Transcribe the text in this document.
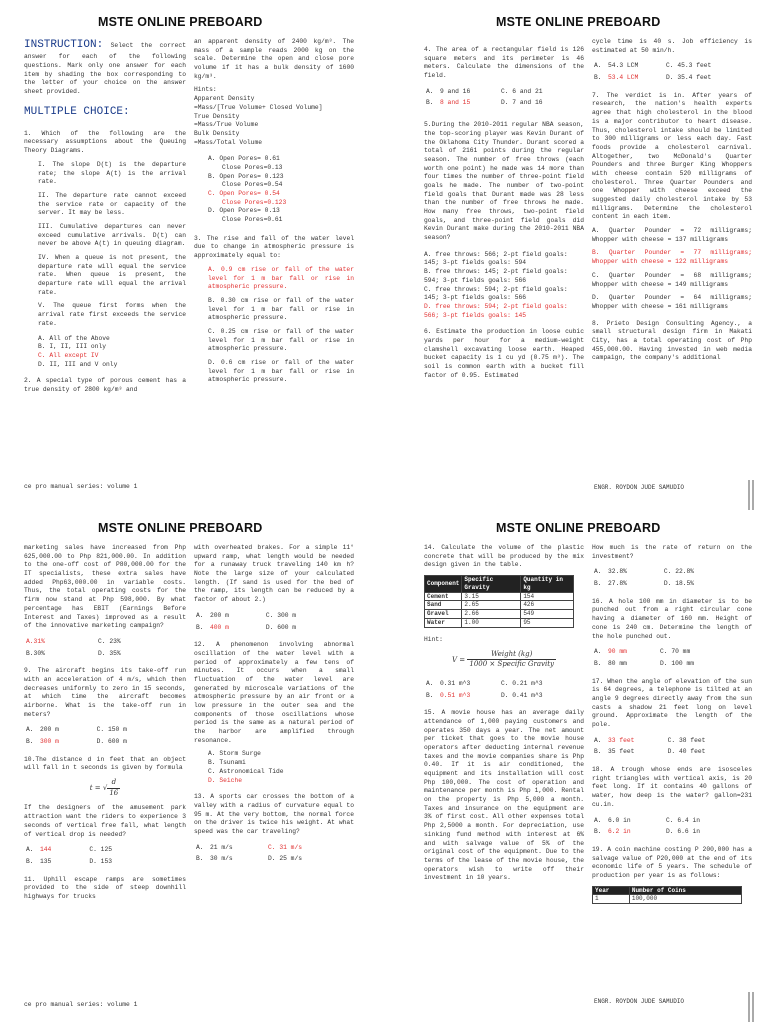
MSTE ONLINE PREBOARD	MSTE ONLINE PREBOARD

INSTRUCTION: Select the correct answer for each of the following questions. Mark only one answer for each item by shading the box corresponding to the letter of your choice on the answer sheet provided.

MULTIPLE CHOICE:

1. Which of the following are the necessary assumptions about the Queuing Theory Diagrams.

I. The slope D(t) is the departure rate; the slope A(t) is the arrival rate.

II. The departure rate cannot exceed the service rate or capacity of the server. It may be less.

III. Cumulative departures can never exceed cumulative arrivals. D(t) can never be above A(t) in queuing diagram.

IV. When a queue is not present, the departure rate will equal the service rate. When queue is present, the departure rate will equal the arrival rate.

V. The queue first forms when the arrival rate first exceeds the service rate.

A. All of the Above
B. I, II, III only
C. All except IV
D. II, III and V only

2. A special type of porous cement has a true density of 2800 kg/m³ and

an apparent density of 2400 kg/m³. The mass of a sample reads 2000 kg on the scale. Determine the open and close pore volume if it has a bulk density of 1600 kg/m³.

Hints:
Apparent Density
=Mass/[True Volume+ Closed Volume]
True Density
=Mass/True Volume
Bulk Density
=Mass/Total Volume
A. Open Pores= 0.61
Close Pores=0.13
B. Open Pores= 0.123
Close Pores=0.54
C. Open Pores= 0.54
Close Pores=0.123
D. Open Pores= 0.13
Close Pores=0.61

3. The rise and fall of the water level due to change in atmospheric pressure is approximately equal to:

A. 0.9 cm rise or fall of the water level for 1 m bar fall or rise in atmospheric pressure.

B. 0.30 cm rise or fall of the water level for 1 m bar fall or rise in atmospheric pressure.

C. 0.25 cm rise or fall of the water level for 1 m bar fall or rise in atmospheric pressure.

D. 0.6 cm rise or fall of the water level for 1 m bar fall or rise in atmospheric pressure.

4. The area of a rectangular field is 126 square meters and its perimeter is 46 meters. Calculate the dimensions of the field.

A.	9 and 16	C. 6 and 21
B.	8 and 15	D. 7 and 16

5.During the 2010-2011 regular NBA season, the top-scoring player was Kevin Durant of the Oklahoma City Thunder. Durant scored a total of 2161 points during the regular season. The number of free throws (each worth one point) he made was 14 more than four times the number of three-point field goals he made. The number of two-point field goals that Durant made was 28 less than the number of free throws he made. How many free throws, two-point field goals, and three-point field goals did Kevin Durant make during the 2010-2011 NBA season?

A. free throws: 566; 2-pt field goals: 145; 3-pt fields goals: 594
B. free throws: 145; 2-pt field goals: 594; 3-pt fields goals: 566
C. free throws: 594; 2-pt field goals: 145; 3-pt fields goals: 566
D. free throws: 594; 2-pt field goals: 566; 3-pt fields goals: 145

6. Estimate the production in loose cubic yards per hour for a medium-weight clamshell excavating loose earth. Heaped bucket capacity is 1 cu yd (0.75 m³). The soil is common earth with a bucket fill factor of 0.95. Estimated

cycle time is 40 s. Job efficiency is estimated at 50 min/h.

A.	54.3 LCM	C. 45.3 feet
B.	53.4 LCM	D. 35.4 feet

7. The verdict is in. After years of research, the nation's health experts agree that high cholesterol in the blood is a major contributor to heart disease. Thus, cholesterol intake should be limited to 300 milligrams or less each day. Fast foods provide a cholesterol carnival. Altogether, two McDonald's Quarter Pounders and three Burger King Whoppers with cheese contain 520 milligrams of cholesterol. Three Quarter Pounders and one Whopper with cheese exceed the suggested daily cholesterol intake by 53 milligrams. Determine the cholesterol content in each item.

A. Quarter Pounder = 72 milligrams; Whopper with cheese = 137 milligrams

B. Quarter Pounder = 77 milligrams; Whopper with cheese = 122 milligrams

C. Quarter Pounder = 68 milligrams; Whopper with cheese = 149 milligrams

D. Quarter Pounder = 64 milligrams; Whopper with cheese = 161 milligrams

8. Prieto Design Consulting Agency., a small structural design firm in Makati City, has a total operating cost of Php 455,000.00. Having invested in web media campaign, the company's additional

ce pro manual series: volume 1	ENGR. ROYDON JUDE SAMUDIO
MSTE ONLINE PREBOARD	MSTE ONLINE PREBOARD

marketing sales have increased from Php 625,000.00 to Php 821,000.00. In addition to the one-off cost of P80,000.00 for the IT specialists, these extra sales have added Php63,000.00 in variable costs. Thus, the total operating costs for the firm now stand at Php 598,000. By what percentage has EBIT (Earnings Before Interest and Taxes) improved as a result of the innovative marketing campaign?

A.31%	C. 23%
B.30%	D. 35%

9. The aircraft begins its take-off run with an acceleration of 4 m/s, which then decreases uniformly to zero in 15 seconds, at which time the aircraft becomes airborne. What is the take-off run in meters?

A.	200 m	C. 150 m
B.	300 m	D. 600 m

10.The distance d in feet that an object will fall in t seconds is given by formula

t = √ $\frac{d}{16}$

If the designers of the amusement park attraction want the riders to experience 3 seconds of vertical free fall, what length of vertical drop is needed?

A.	144	C. 125
B.	135	D. 153

11. Uphill escape ramps are sometimes provided to the side of steep downhill highways for trucks

with overheated brakes. For a simple 11° upward ramp, what length would be needed for a runaway truck traveling 140 km h? Note the large size of your calculated length. (If sand is used for the bed of the ramp, its length can be reduced by a factor of about 2.)

A.	200 m	C. 300 m
B.	400 m	D. 600 m

12. A phenomenon involving abnormal oscillation of the water level with a period of approximately a few tens of minutes. It occurs when a small fluctuation of the water level are generated by microscale variations of the atmospheric pressure by an air front or a low pressure in the outer sea and the components of those oscillations whose period is the same as a natural period of the harbor are amplified through resonance.

A. Storm Surge
B. Tsunami
C. Astronomical Tide
D. Seiche

13. A sports car crosses the bottom of a valley with a radius of curvature equal to 95 m. At the very bottom, the normal force on the driver is twice his weight. At what speed was the car traveling?

A.	21 m/s	C. 31 m/s
B.	30 m/s	D. 25 m/s

14. Calculate the volume of the plastic concrete that will be produced by the mix design given in the table.

Component	Specific Gravity	Quantity in kg
Cement	3.15	154
Sand	2.65	426
Gravel	2.66	549
Water	1.00	95

Hint:

$V = \frac{\text{Weight (kg)}}{\text{1000 × Specific Gravity}}$
A.	0.31 m^3	C. 0.21 m^3
B.	0.51 m^3	D. 0.41 m^3

15. A movie house has an average daily attendance of 1,000 paying customers and operates 350 days a year. The net amount per ticket that goes to the movie house operators after deducting internal revenue taxes and the movie companies share is Php 0.40. If it is air conditioned, the equipment and its installation will cost Php 100,000. The cost of operation and maintenance per month is Php 1,000. Rental on the property is Php 5,000 a month. Taxes and insurance on the equipment are 3% of first cost. All other expenses total Php 2,5000 a month. For depreciation, use sinking fund method with interest at 6% and with salvage value of 5% of the original cost of the equipment. Due to the terms of the lease of the movie house, the operators wish to write off their investment in 10 years.

How much is the rate of return on the investment?

A.	32.8%	C. 22.8%
B.	27.8%	D. 18.5%

16. A hole 100 mm in diameter is to be punched out from a right circular cone having a diameter of 160 mm. Height of cone is 240 cm. Determine the length of the hole punched out.

A.	90 mm	C. 70 mm
B.	80 mm	D. 100 mm

17. When the angle of elevation of the sun is 64 degrees, a telephone is tilted at an angle 9 degrees directly away from the sun casts a shadow 21 feet long on level ground. Approximate the length of the pole.

A.	33 feet	C. 38 feet
B.	35 feet	D. 40 feet

18. A trough whose ends are isosceles right triangles with vertical axis, is 20 feet long. If it contains 40 gallons of water, how deep is the water? gallon=231 cu.in.

A.	6.0 in	C. 6.4 in
B.	6.2 in	D. 6.6 in

19. A coin machine costing P 200,000 has a salvage value of P20,000 at the end of its economic life of 5 years. The schedule of production per year is as follows:

Year	Number of Coins
1	100,000
ce pro manual series: volume 1
ENGR. ROYDON JUDE SAMUDIO
